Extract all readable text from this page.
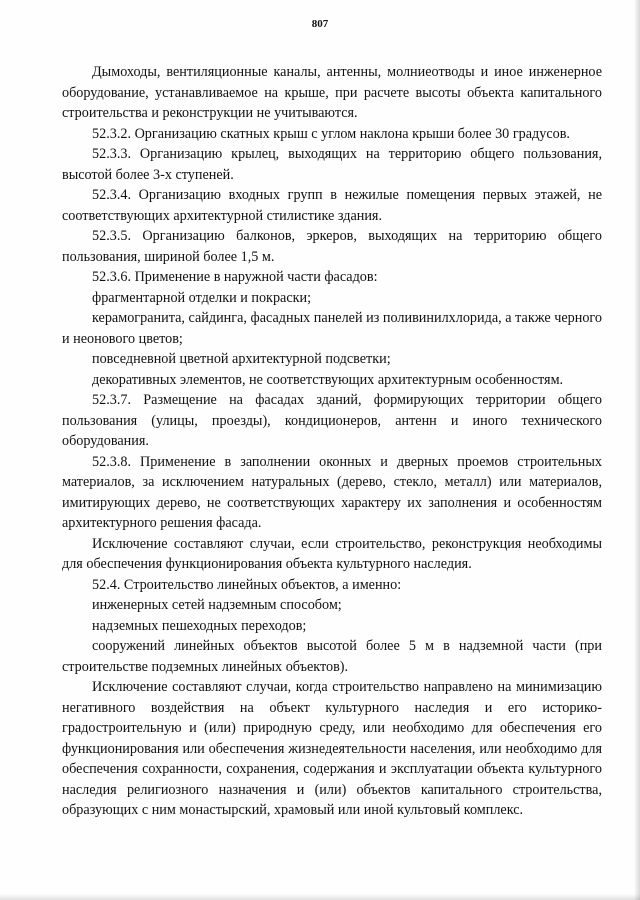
807

Дымоходы, вентиляционные каналы, антенны, молниеотводы и иное инженерное оборудование, устанавливаемое на крыше, при расчете высоты объекта капитального строительства и реконструкции не учитываются.

52.3.2. Организацию скатных крыш с углом наклона крыши более 30 градусов.

52.3.3. Организацию крылец, выходящих на территорию общего пользования, высотой более 3-х ступеней.

52.3.4. Организацию входных групп в нежилые помещения первых этажей, не соответствующих архитектурной стилистике здания.

52.3.5. Организацию балконов, эркеров, выходящих на территорию общего пользования, шириной более 1,5 м.

52.3.6. Применение в наружной части фасадов:

фрагментарной отделки и покраски;

керамогранита, сайдинга, фасадных панелей из поливинилхлорида, а также черного и неонового цветов;

повседневной цветной архитектурной подсветки;

декоративных элементов, не соответствующих архитектурным особенностям.

52.3.7. Размещение на фасадах зданий, формирующих территории общего пользования (улицы, проезды), кондиционеров, антенн и иного технического оборудования.

52.3.8. Применение в заполнении оконных и дверных проемов строительных материалов, за исключением натуральных (дерево, стекло, металл) или материалов, имитирующих дерево, не соответствующих характеру их заполнения и особенностям архитектурного решения фасада.

Исключение составляют случаи, если строительство, реконструкция необходимы для обеспечения функционирования объекта культурного наследия.

52.4. Строительство линейных объектов, а именно:

инженерных сетей надземным способом;

надземных пешеходных переходов;

сооружений линейных объектов высотой более 5 м в надземной части (при строительстве подземных линейных объектов).

Исключение составляют случаи, когда строительство направлено на минимизацию негативного воздействия на объект культурного наследия и его историко-градостроительную и (или) природную среду, или необходимо для обеспечения его функционирования или обеспечения жизнедеятельности населения, или необходимо для обеспечения сохранности, сохранения, содержания и эксплуатации объекта культурного наследия религиозного назначения и (или) объектов капитального строительства, образующих с ним монастырский, храмовый или иной культовый комплекс.
